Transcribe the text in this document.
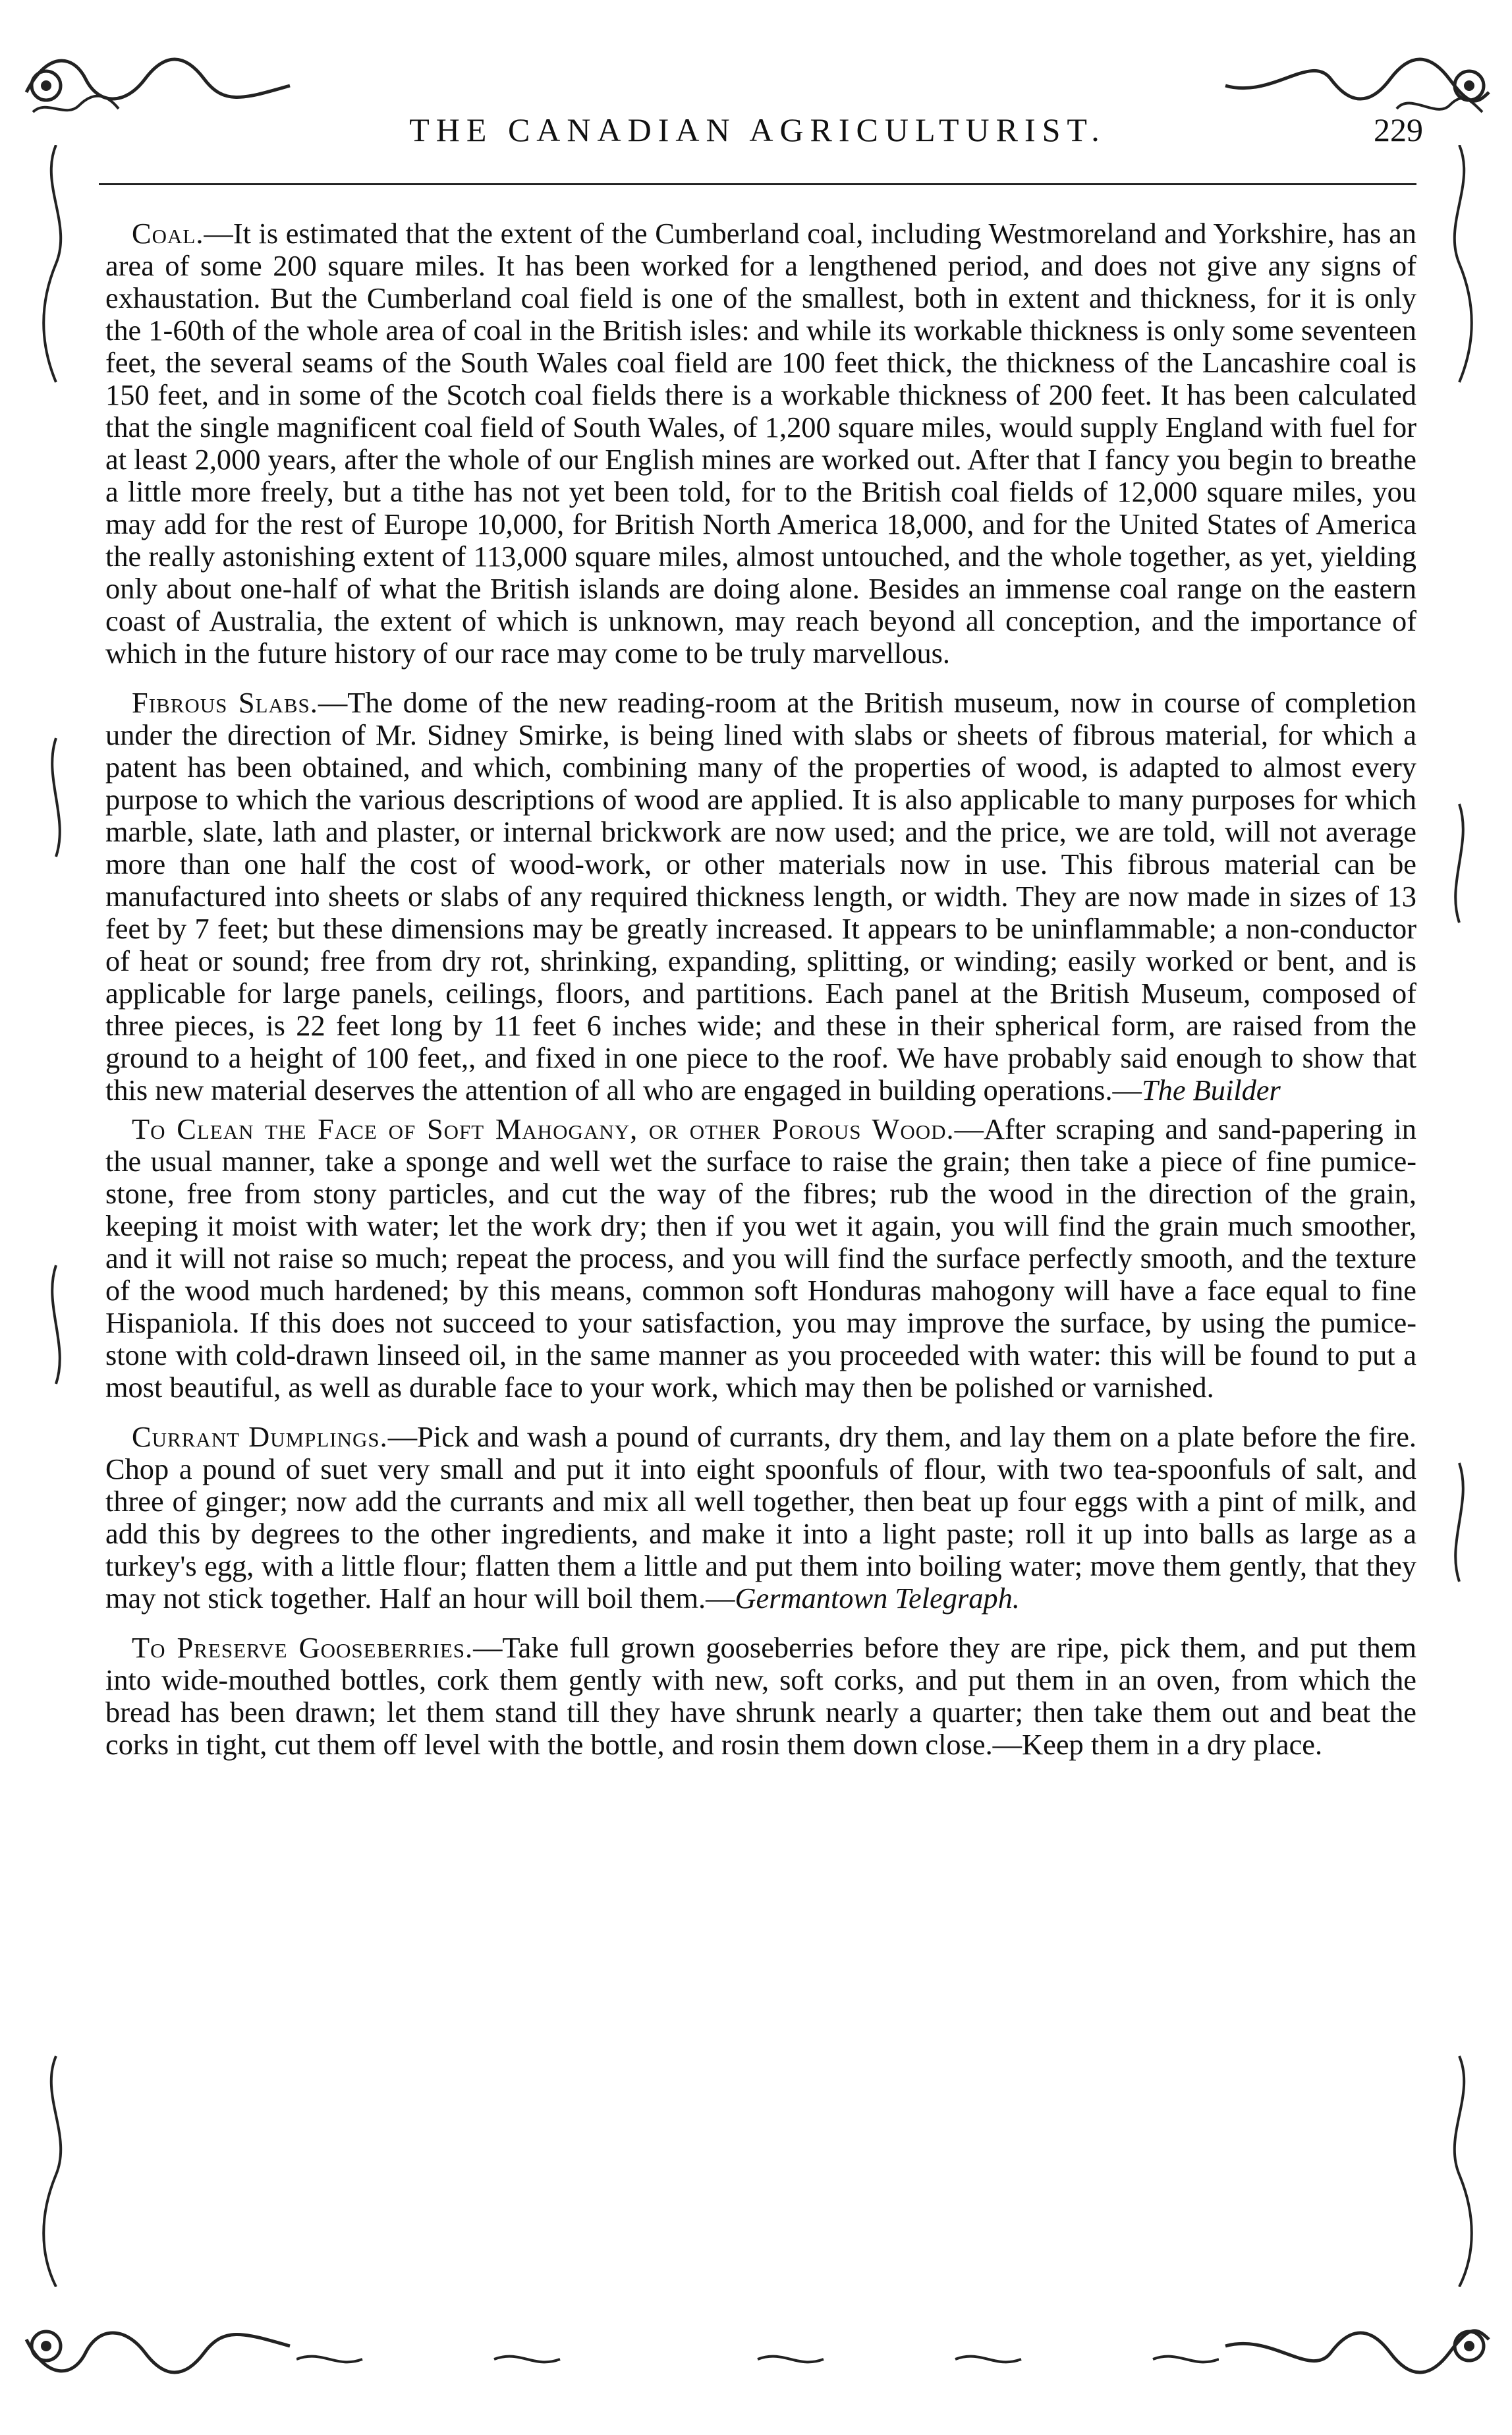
THE CANADIAN AGRICULTURIST.	229

Coal.—It is estimated that the extent of the Cumberland coal, including Westmoreland and Yorkshire, has an area of some 200 square miles. It has been worked for a lengthened period, and does not give any signs of exhaustation. But the Cumberland coal field is one of the smallest, both in extent and thickness, for it is only the 1-60th of the whole area of coal in the British isles: and while its workable thickness is only some seventeen feet, the several seams of the South Wales coal field are 100 feet thick, the thickness of the Lancashire coal is 150 feet, and in some of the Scotch coal fields there is a workable thickness of 200 feet. It has been calculated that the single magnificent coal field of South Wales, of 1,200 square miles, would supply England with fuel for at least 2,000 years, after the whole of our English mines are worked out. After that I fancy you begin to breathe a little more freely, but a tithe has not yet been told, for to the British coal fields of 12,000 square miles, you may add for the rest of Europe 10,000, for British North America 18,000, and for the United States of America the really astonishing extent of 113,000 square miles, almost untouched, and the whole together, as yet, yielding only about one-half of what the British islands are doing alone. Besides an immense coal range on the eastern coast of Australia, the extent of which is unknown, may reach beyond all conception, and the importance of which in the future history of our race may come to be truly marvellous.

Fibrous Slabs.—The dome of the new reading-room at the British museum, now in course of completion under the direction of Mr. Sidney Smirke, is being lined with slabs or sheets of fibrous material, for which a patent has been obtained, and which, combining many of the properties of wood, is adapted to almost every purpose to which the various descriptions of wood are applied. It is also applicable to many purposes for which marble, slate, lath and plaster, or internal brickwork are now used; and the price, we are told, will not average more than one half the cost of wood-work, or other materials now in use. This fibrous material can be manufactured into sheets or slabs of any required thickness length, or width. They are now made in sizes of 13 feet by 7 feet; but these dimensions may be greatly increased. It appears to be uninflammable; a non-conductor of heat or sound; free from dry rot, shrinking, expanding, splitting, or winding; easily worked or bent, and is applicable for large panels, ceilings, floors, and partitions. Each panel at the British Museum, composed of three pieces, is 22 feet long by 11 feet 6 inches wide; and these in their spherical form, are raised from the ground to a height of 100 feet,, and fixed in one piece to the roof. We have probably said enough to show that this new material deserves the attention of all who are engaged in building operations.—The Builder

To Clean the Face of Soft Mahogany, or other Porous Wood.—After scraping and sand-papering in the usual manner, take a sponge and well wet the surface to raise the grain; then take a piece of fine pumice-stone, free from stony particles, and cut the way of the fibres; rub the wood in the direction of the grain, keeping it moist with water; let the work dry; then if you wet it again, you will find the grain much smoother, and it will not raise so much; repeat the process, and you will find the surface perfectly smooth, and the texture of the wood much hardened; by this means, common soft Honduras mahogony will have a face equal to fine Hispaniola. If this does not succeed to your satisfaction, you may improve the surface, by using the pumice-stone with cold-drawn linseed oil, in the same manner as you proceeded with water: this will be found to put a most beautiful, as well as durable face to your work, which may then be polished or varnished.

Currant Dumplings.—Pick and wash a pound of currants, dry them, and lay them on a plate before the fire. Chop a pound of suet very small and put it into eight spoonfuls of flour, with two tea-spoonfuls of salt, and three of ginger; now add the currants and mix all well together, then beat up four eggs with a pint of milk, and add this by degrees to the other ingredients, and make it into a light paste; roll it up into balls as large as a turkey's egg, with a little flour; flatten them a little and put them into boiling water; move them gently, that they may not stick together. Half an hour will boil them.—Germantown Telegraph.

To Preserve Gooseberries.—Take full grown gooseberries before they are ripe, pick them, and put them into wide-mouthed bottles, cork them gently with new, soft corks, and put them in an oven, from which the bread has been drawn; let them stand till they have shrunk nearly a quarter; then take them out and beat the corks in tight, cut them off level with the bottle, and rosin them down close.—Keep them in a dry place.
